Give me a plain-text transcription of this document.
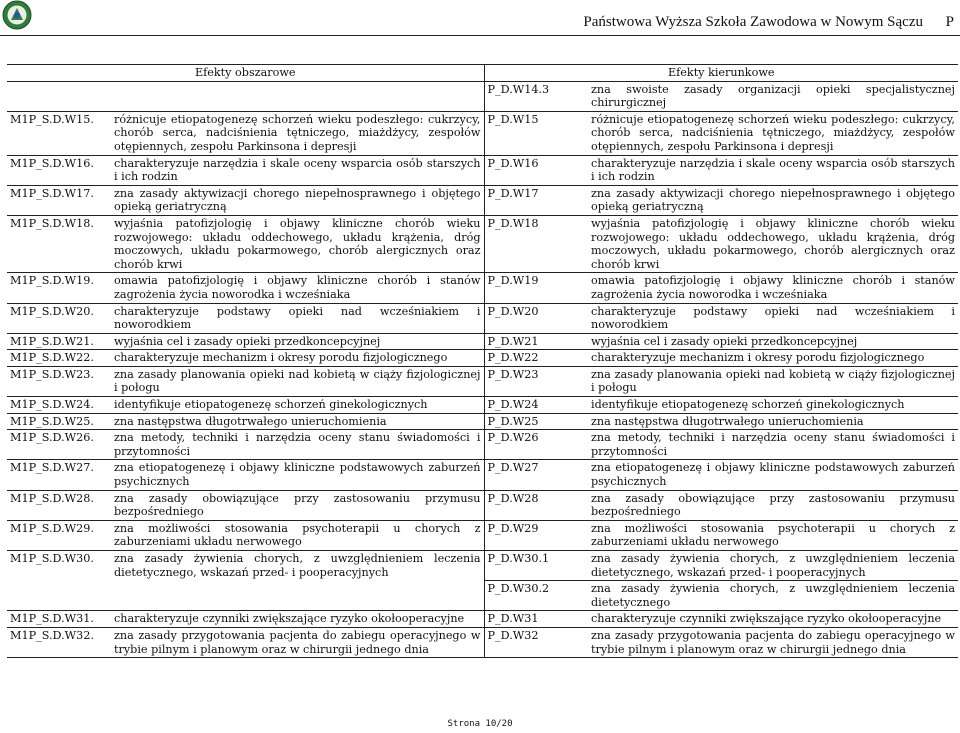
Państwowa Wyższa Szkoła Zawodowa w Nowym Sączu P
Efekty obszarowe		Efekty kierunkowe	
		P_D.W14.3	zna swoiste zasady organizacji opieki specjalistycznej chirurgicznej
M1P_S.D.W15.	różnicuje etiopatogenezę schorzeń wieku podeszłego: cukrzycy, chorób serca, nadciśnienia tętniczego, miażdżycy, zespołów otępiennych, zespołu Parkinsona i depresji	P_D.W15	różnicuje etiopatogenezę schorzeń wieku podeszłego: cukrzycy, chorób serca, nadciśnienia tętniczego, miażdżycy, zespołów otępiennych, zespołu Parkinsona i depresji
M1P_S.D.W16.	charakteryzuje narzędzia i skale oceny wsparcia osób starszych i ich rodzin	P_D.W16	charakteryzuje narzędzia i skale oceny wsparcia osób starszych i ich rodzin
M1P_S.D.W17.	zna zasady aktywizacji chorego niepełnosprawnego i objętego opieką geriatryczną	P_D.W17	zna zasady aktywizacji chorego niepełnosprawnego i objętego opieką geriatryczną
M1P_S.D.W18.	wyjaśnia patofizjologię i objawy kliniczne chorób wieku rozwojowego: układu oddechowego, układu krążenia, dróg moczowych, układu pokarmowego, chorób alergicznych oraz chorób krwi	P_D.W18	wyjaśnia patofizjologię i objawy kliniczne chorób wieku rozwojowego: układu oddechowego, układu krążenia, dróg moczowych, układu pokarmowego, chorób alergicznych oraz chorób krwi
M1P_S.D.W19.	omawia patofizjologię i objawy kliniczne chorób i stanów zagrożenia życia noworodka i wcześniaka	P_D.W19	omawia patofizjologię i objawy kliniczne chorób i stanów zagrożenia życia noworodka i wcześniaka
M1P_S.D.W20.	charakteryzuje podstawy opieki nad wcześniakiem i noworodkiem	P_D.W20	charakteryzuje podstawy opieki nad wcześniakiem i noworodkiem
M1P_S.D.W21.	wyjaśnia cel i zasady opieki przedkoncepcyjnej	P_D.W21	wyjaśnia cel i zasady opieki przedkoncepcyjnej
M1P_S.D.W22.	charakteryzuje mechanizm i okresy porodu fizjologicznego	P_D.W22	charakteryzuje mechanizm i okresy porodu fizjologicznego
M1P_S.D.W23.	zna zasady planowania opieki nad kobietą w ciąży fizjologicznej i połogu	P_D.W23	zna zasady planowania opieki nad kobietą w ciąży fizjologicznej i połogu
M1P_S.D.W24.	identyfikuje etiopatogenezę schorzeń ginekologicznych	P_D.W24	identyfikuje etiopatogenezę schorzeń ginekologicznych
M1P_S.D.W25.	zna następstwa długotrwałego unieruchomienia	P_D.W25	zna następstwa długotrwałego unieruchomienia
M1P_S.D.W26.	zna metody, techniki i narzędzia oceny stanu świadomości i przytomności	P_D.W26	zna metody, techniki i narzędzia oceny stanu świadomości i przytomności
M1P_S.D.W27.	zna etiopatogenezę i objawy kliniczne podstawowych zaburzeń psychicznych	P_D.W27	zna etiopatogenezę i objawy kliniczne podstawowych zaburzeń psychicznych
M1P_S.D.W28.	zna zasady obowiązujące przy zastosowaniu przymusu bezpośredniego	P_D.W28	zna zasady obowiązujące przy zastosowaniu przymusu bezpośredniego
M1P_S.D.W29.	zna możliwości stosowania psychoterapii u chorych z zaburzeniami układu nerwowego	P_D.W29	zna możliwości stosowania psychoterapii u chorych z zaburzeniami układu nerwowego
M1P_S.D.W30.	zna zasady żywienia chorych, z uwzględnieniem leczenia dietetycznego, wskazań przed- i pooperacyjnych	P_D.W30.1	zna zasady żywienia chorych, z uwzględnieniem leczenia dietetycznego, wskazań przed- i pooperacyjnych
		P_D.W30.2	zna zasady żywienia chorych, z uwzględnieniem leczenia dietetycznego
M1P_S.D.W31.	charakteryzuje czynniki zwiększające ryzyko okołooperacyjne	P_D.W31	charakteryzuje czynniki zwiększające ryzyko okołooperacyjne
M1P_S.D.W32.	zna zasady przygotowania pacjenta do zabiegu operacyjnego w trybie pilnym i planowym oraz w chirurgii jednego dnia	P_D.W32	zna zasady przygotowania pacjenta do zabiegu operacyjnego w trybie pilnym i planowym oraz w chirurgii jednego dnia
Strona 10/20
